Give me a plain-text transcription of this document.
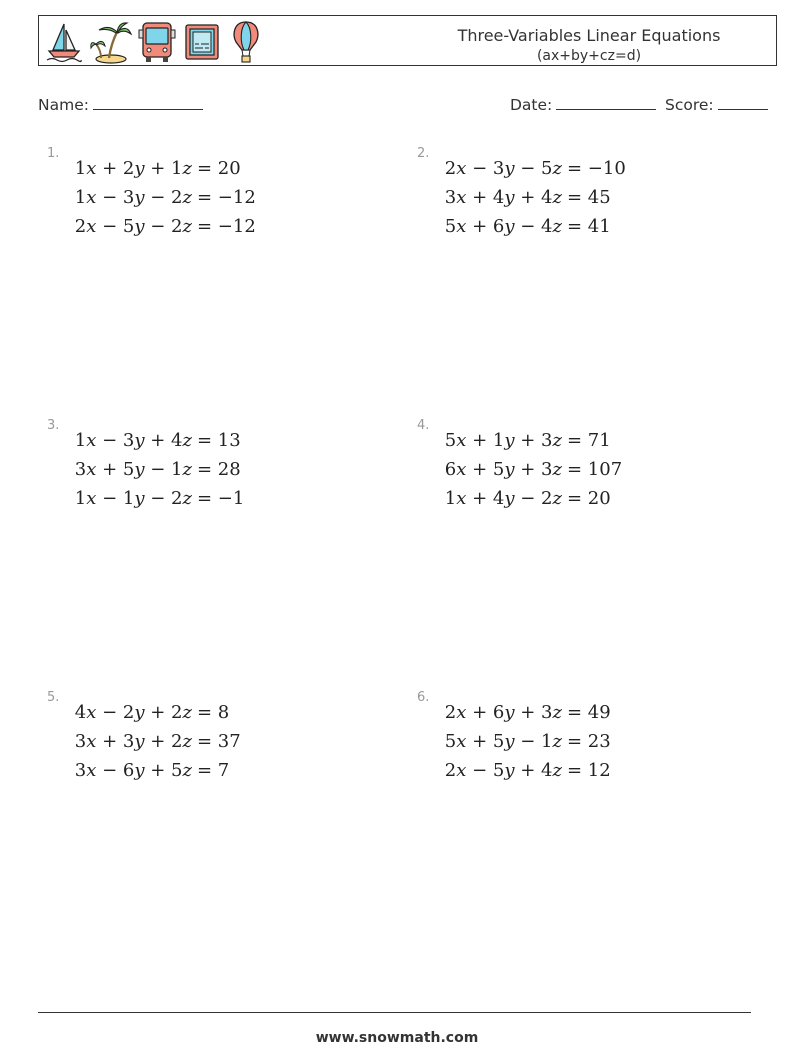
Three-Variables Linear Equations
(ax+by+cz=d)
Name:	Date:	Score:
1.
1x + 2y + 1z = 20
1x − 3y − 2z = −12
2x − 5y − 2z = −12
2.
2x − 3y − 5z = −10
3x + 4y + 4z = 45
5x + 6y − 4z = 41
3.
1x − 3y + 4z = 13
3x + 5y − 1z = 28
1x − 1y − 2z = −1
4.
5x + 1y + 3z = 71
6x + 5y + 3z = 107
1x + 4y − 2z = 20
5.
4x − 2y + 2z = 8
3x + 3y + 2z = 37
3x − 6y + 5z = 7
6.
2x + 6y + 3z = 49
5x + 5y − 1z = 23
2x − 5y + 4z = 12
www.snowmath.com
